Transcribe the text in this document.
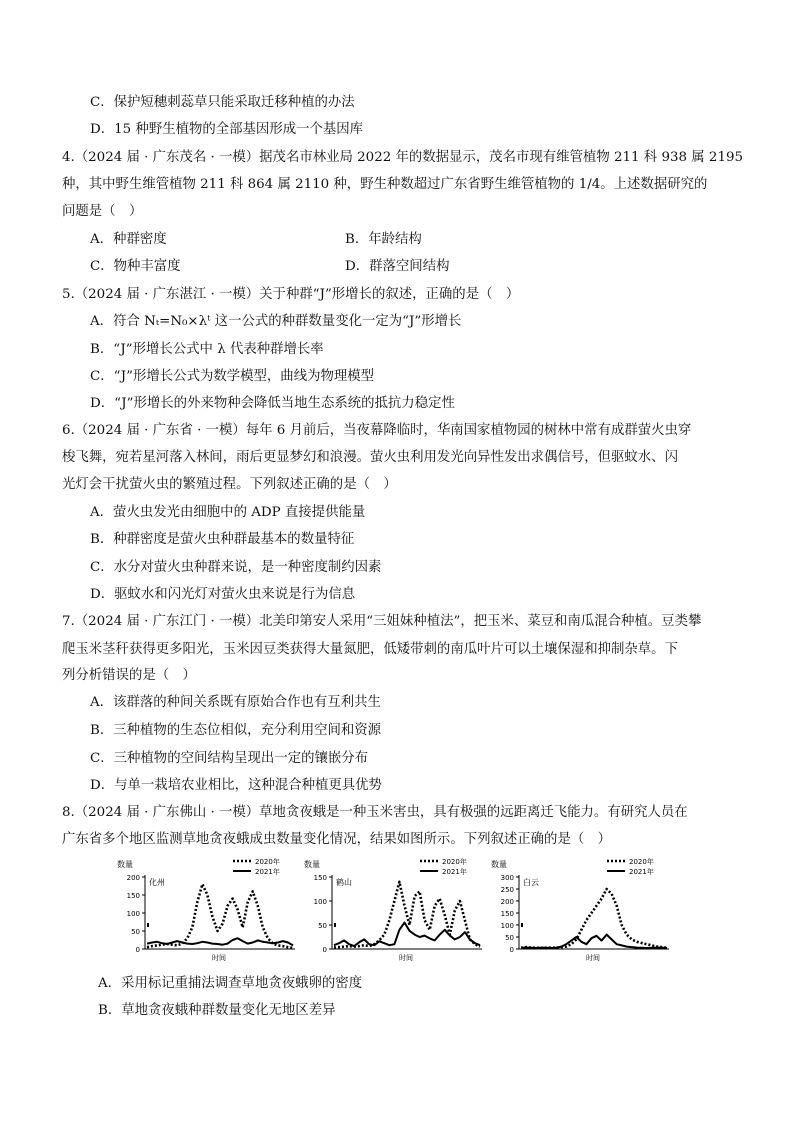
C．保护短穗刺蕊草只能采取迁移种植的办法
D．15 种野生植物的全部基因形成一个基因库
4.（2024 届 · 广东茂名 · 一模）据茂名市林业局 2022 年的数据显示，茂名市现有维管植物 211 科 938 属 2195
种，其中野生维管植物 211 科 864 属 2110 种，野生种数超过广东省野生维管植物的 1/4。上述数据研究的
问题是（　）
A．种群密度	B．年龄结构
C．物种丰富度	D．群落空间结构
5.（2024 届 · 广东湛江 · 一模）关于种群“J”形增长的叙述，正确的是（　）
A．符合 Nₜ=N₀×λᵗ 这一公式的种群数量变化一定为“J”形增长
B．“J”形增长公式中 λ 代表种群增长率
C．“J”形增长公式为数学模型，曲线为物理模型
D．“J”形增长的外来物种会降低当地生态系统的抵抗力稳定性
6.（2024 届 · 广东省 · 一模）每年 6 月前后，当夜幕降临时，华南国家植物园的树林中常有成群萤火虫穿
梭飞舞，宛若星河落入林间，雨后更显梦幻和浪漫。萤火虫利用发光向异性发出求偶信号，但驱蚊水、闪
光灯会干扰萤火虫的繁殖过程。下列叙述正确的是（　）
A．萤火虫发光由细胞中的 ADP 直接提供能量
B．种群密度是萤火虫种群最基本的数量特征
C．水分对萤火虫种群来说，是一种密度制约因素
D．驱蚊水和闪光灯对萤火虫来说是行为信息
7.（2024 届 · 广东江门 · 一模）北美印第安人采用“三姐妹种植法”，把玉米、菜豆和南瓜混合种植。豆类攀
爬玉米茎秆获得更多阳光，玉米因豆类获得大量氮肥，低矮带刺的南瓜叶片可以土壤保湿和抑制杂草。下
列分析错误的是（　）
A．该群落的种间关系既有原始合作也有互利共生
B．三种植物的生态位相似，充分利用空间和资源
C．三种植物的空间结构呈现出一定的镶嵌分布
D．与单一栽培农业相比，这种混合种植更具优势
8.（2024 届 · 广东佛山 · 一模）草地贪夜蛾是一种玉米害虫，具有极强的远距离迁飞能力。有研究人员在
广东省多个地区监测草地贪夜蛾成虫数量变化情况，结果如图所示。下列叙述正确的是（　）
数量
化州
时间
0
50
100
150
200
2020年
2021年
数量
鹤山
时间
0
50
100
150
2020年
2021年
数量
白云
时间
0
50
100
150
200
250
300
2020年
2021年
A．采用标记重捕法调查草地贪夜蛾卵的密度
B．草地贪夜蛾种群数量变化无地区差异
